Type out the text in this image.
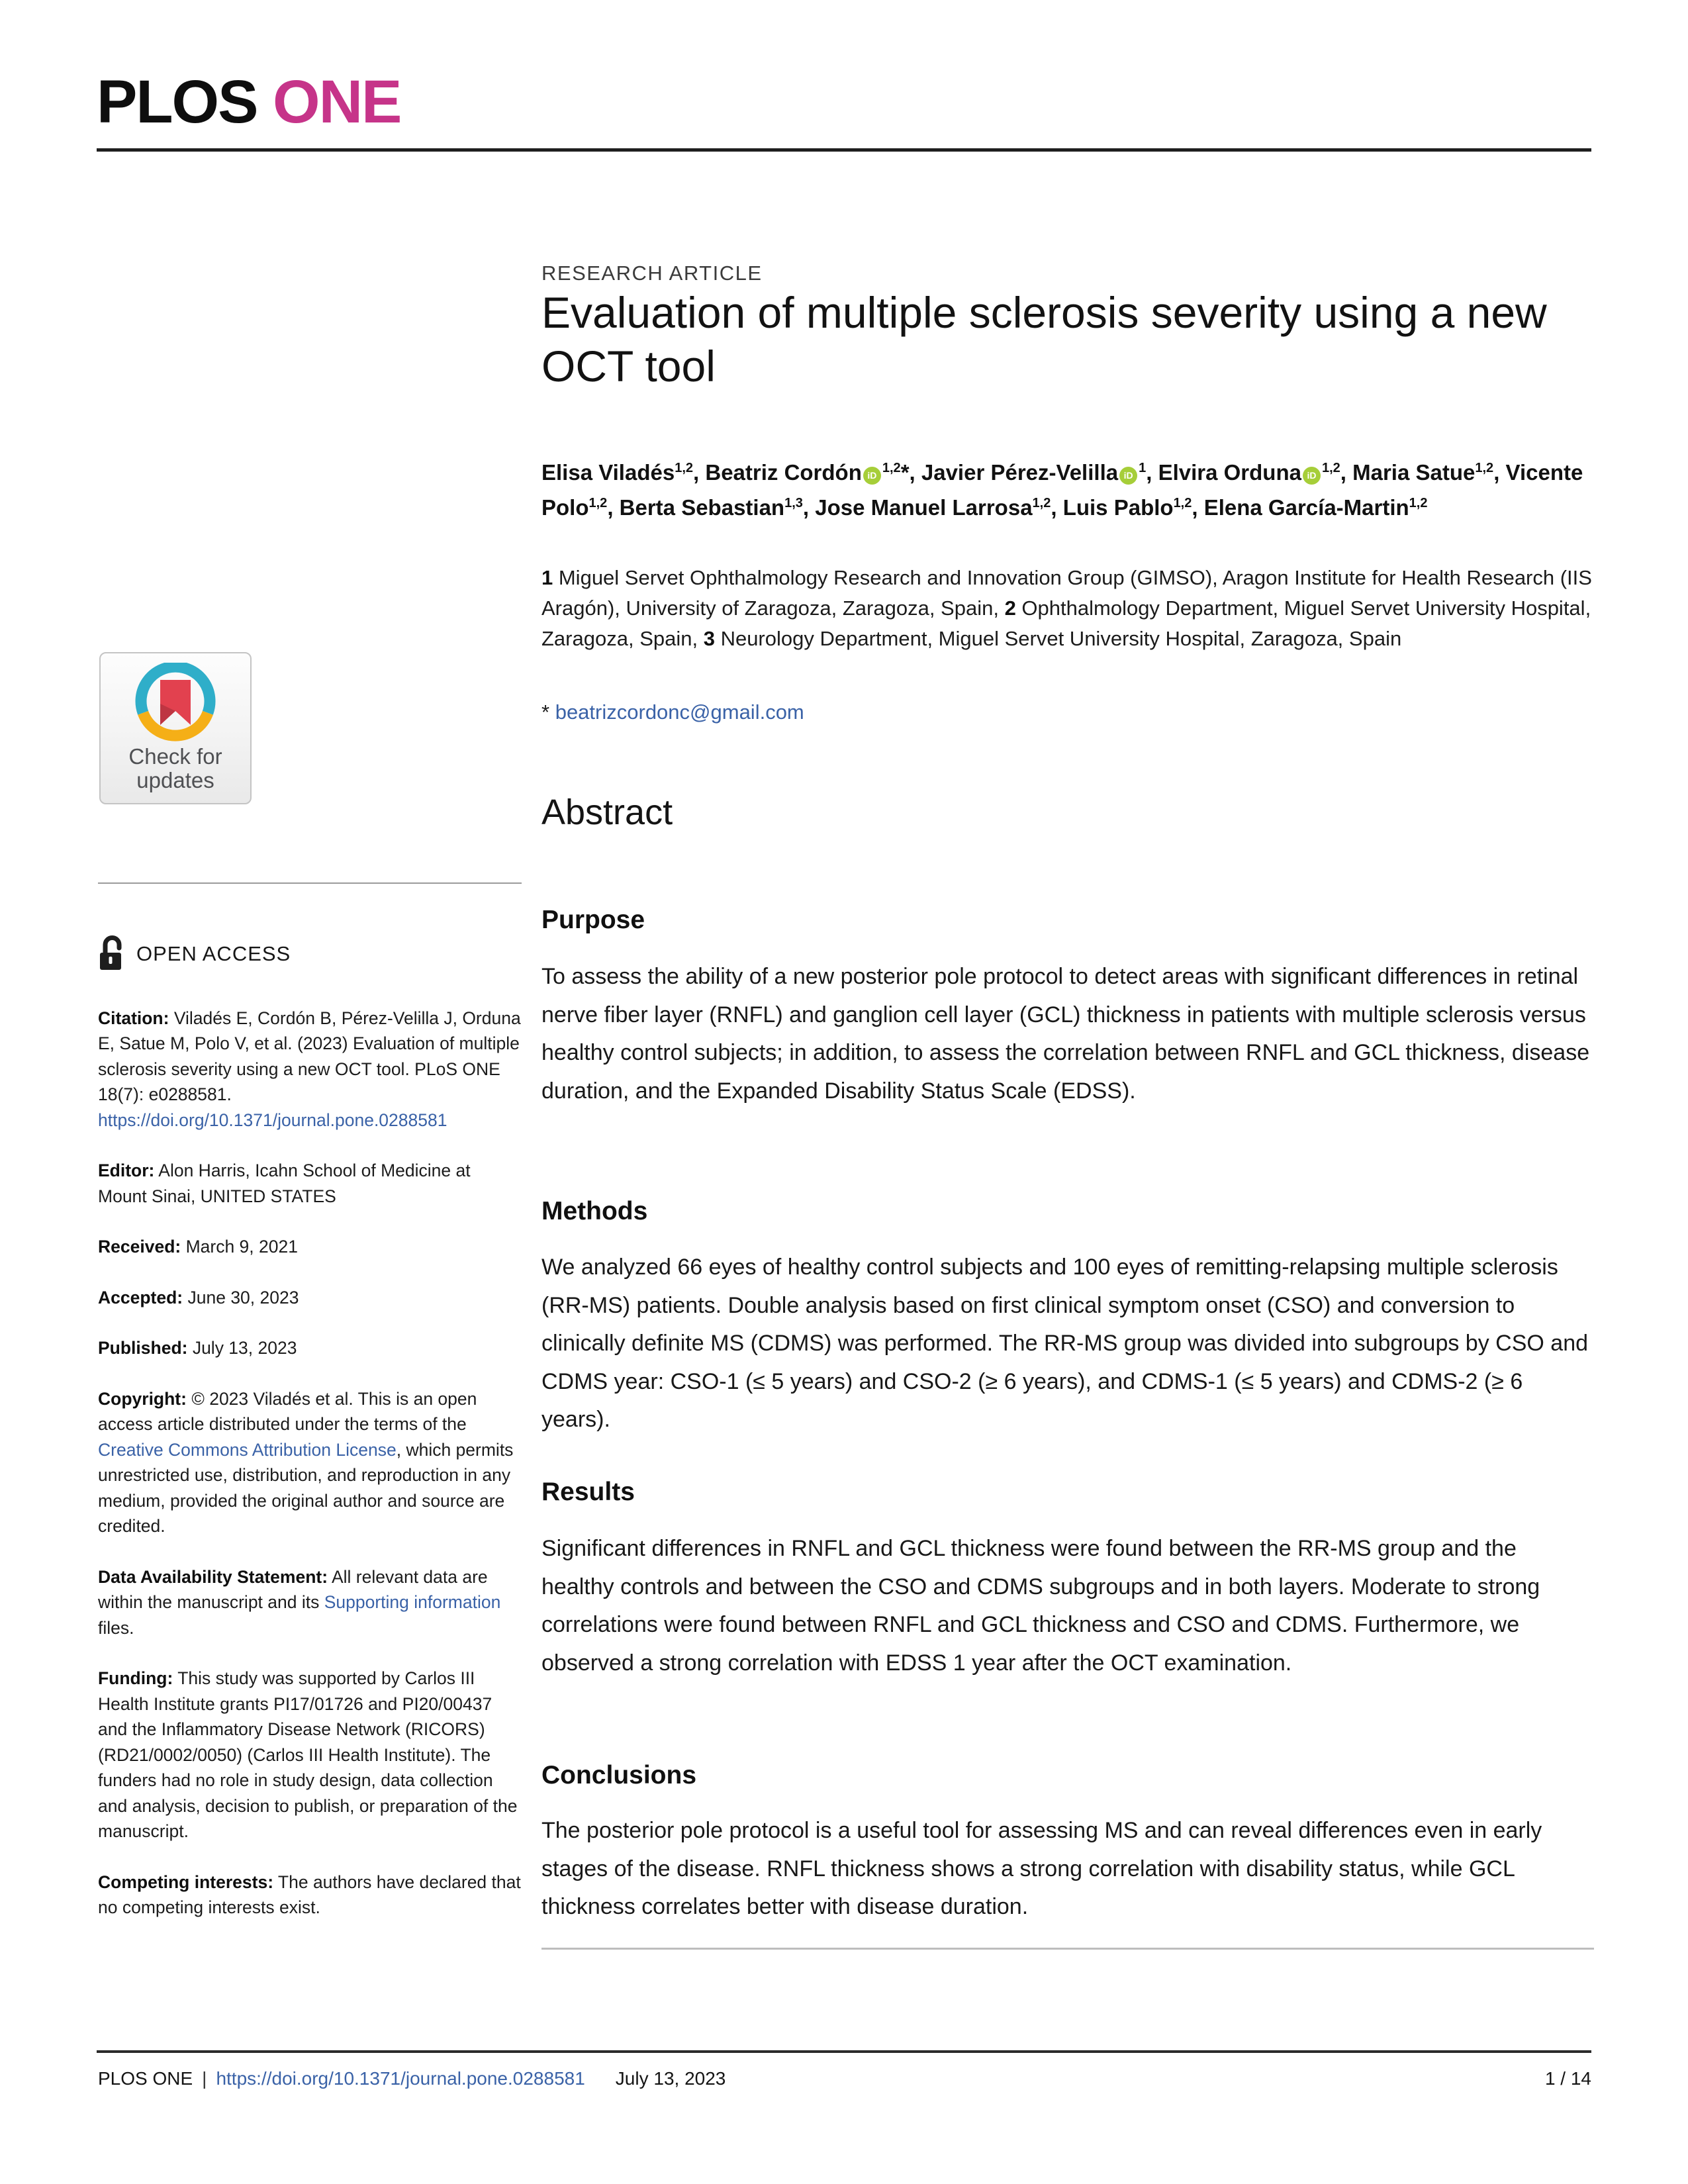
PLOS ONE
Check for
updates
OPEN ACCESS

Citation: Viladés E, Cordón B, Pérez-Velilla J, Orduna E, Satue M, Polo V, et al. (2023) Evaluation of multiple sclerosis severity using a new OCT tool. PLoS ONE 18(7): e0288581. https://doi.org/10.1371/journal.pone.0288581

Editor: Alon Harris, Icahn School of Medicine at Mount Sinai, UNITED STATES

Received: March 9, 2021

Accepted: June 30, 2023

Published: July 13, 2023

Copyright: © 2023 Viladés et al. This is an open access article distributed under the terms of the Creative Commons Attribution License, which permits unrestricted use, distribution, and reproduction in any medium, provided the original author and source are credited.

Data Availability Statement: All relevant data are within the manuscript and its Supporting information files.

Funding: This study was supported by Carlos III Health Institute grants PI17/01726 and PI20/00437 and the Inflammatory Disease Network (RICORS) (RD21/0002/0050) (Carlos III Health Institute). The funders had no role in study design, data collection and analysis, decision to publish, or preparation of the manuscript.

Competing interests: The authors have declared that no competing interests exist.

RESEARCH ARTICLE
Evaluation of multiple sclerosis severity using a new OCT tool
Elisa Viladés$^{1,2}$, Beatriz Cordón iD $^{1,2}$*, Javier Pérez-Velilla iD $^1$, Elvira Orduna iD $^{1,2}$, Maria Satue$^{1,2}$, Vicente Polo$^{1,2}$, Berta Sebastian$^{1,3}$, Jose Manuel Larrosa$^{1,2}$, Luis Pablo$^{1,2}$, Elena García-Martin$^{1,2}$

1 Miguel Servet Ophthalmology Research and Innovation Group (GIMSO), Aragon Institute for Health Research (IIS Aragón), University of Zaragoza, Zaragoza, Spain, 2 Ophthalmology Department, Miguel Servet University Hospital, Zaragoza, Spain, 3 Neurology Department, Miguel Servet University Hospital, Zaragoza, Spain

* beatrizcordonc@gmail.com
Abstract
Purpose
To assess the ability of a new posterior pole protocol to detect areas with significant differences in retinal nerve fiber layer (RNFL) and ganglion cell layer (GCL) thickness in patients with multiple sclerosis versus healthy control subjects; in addition, to assess the correlation between RNFL and GCL thickness, disease duration, and the Expanded Disability Status Scale (EDSS).
Methods
We analyzed 66 eyes of healthy control subjects and 100 eyes of remitting-relapsing multiple sclerosis (RR-MS) patients. Double analysis based on first clinical symptom onset (CSO) and conversion to clinically definite MS (CDMS) was performed. The RR-MS group was divided into subgroups by CSO and CDMS year: CSO-1 (≤ 5 years) and CSO-2 (≥ 6 years), and CDMS-1 (≤ 5 years) and CDMS-2 (≥ 6 years).
Results
Significant differences in RNFL and GCL thickness were found between the RR-MS group and the healthy controls and between the CSO and CDMS subgroups and in both layers. Moderate to strong correlations were found between RNFL and GCL thickness and CSO and CDMS. Furthermore, we observed a strong correlation with EDSS 1 year after the OCT examination.
Conclusions
The posterior pole protocol is a useful tool for assessing MS and can reveal differences even in early stages of the disease. RNFL thickness shows a strong correlation with disability status, while GCL thickness correlates better with disease duration.
PLOS ONE | https://doi.org/10.1371/journal.pone.0288581 July 13, 2023	1 / 14
